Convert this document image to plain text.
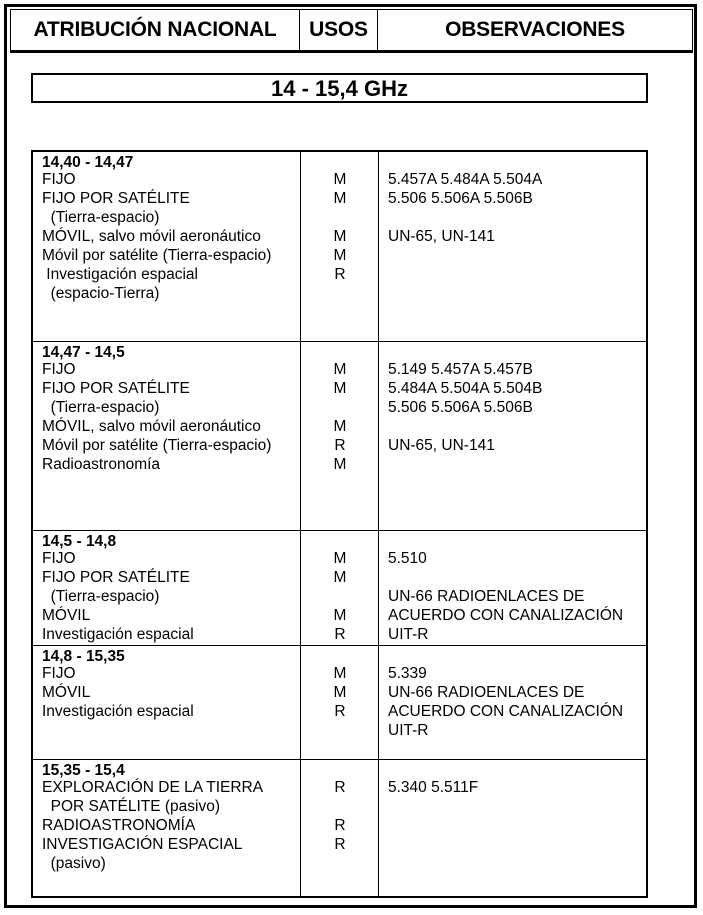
ATRIBUCIÓN NACIONAL	USOS	OBSERVACIONES
14 - 15,4 GHz
14,40 - 14,47
FIJO
FIJO POR SATÉLITE
(Tierra-espacio)
MÓVIL, salvo móvil aeronáutico
Móvil por satélite (Tierra-espacio)
Investigación espacial
(espacio-Tierra)
M
M
M
M
R
5.457A 5.484A 5.504A
5.506 5.506A 5.506B
UN-65, UN-141
14,47 - 14,5
FIJO
FIJO POR SATÉLITE
(Tierra-espacio)
MÓVIL, salvo móvil aeronáutico
Móvil por satélite (Tierra-espacio)
Radioastronomía
M
M
M
R
M
5.149 5.457A 5.457B
5.484A 5.504A 5.504B
5.506 5.506A 5.506B
UN-65, UN-141
14,5 - 14,8
FIJO
FIJO POR SATÉLITE
(Tierra-espacio)
MÓVIL
Investigación espacial
M
M
M
R
5.510
UN-66 RADIOENLACES DE
ACUERDO CON CANALIZACIÓN
UIT-R
14,8 - 15,35
FIJO
MÓVIL
Investigación espacial
M
M
R
5.339
UN-66 RADIOENLACES DE
ACUERDO CON CANALIZACIÓN
UIT-R
15,35 - 15,4
EXPLORACIÓN DE LA TIERRA
POR SATÉLITE (pasivo)
RADIOASTRONOMÍA
INVESTIGACIÓN ESPACIAL
(pasivo)
R
R
R
5.340 5.511F
